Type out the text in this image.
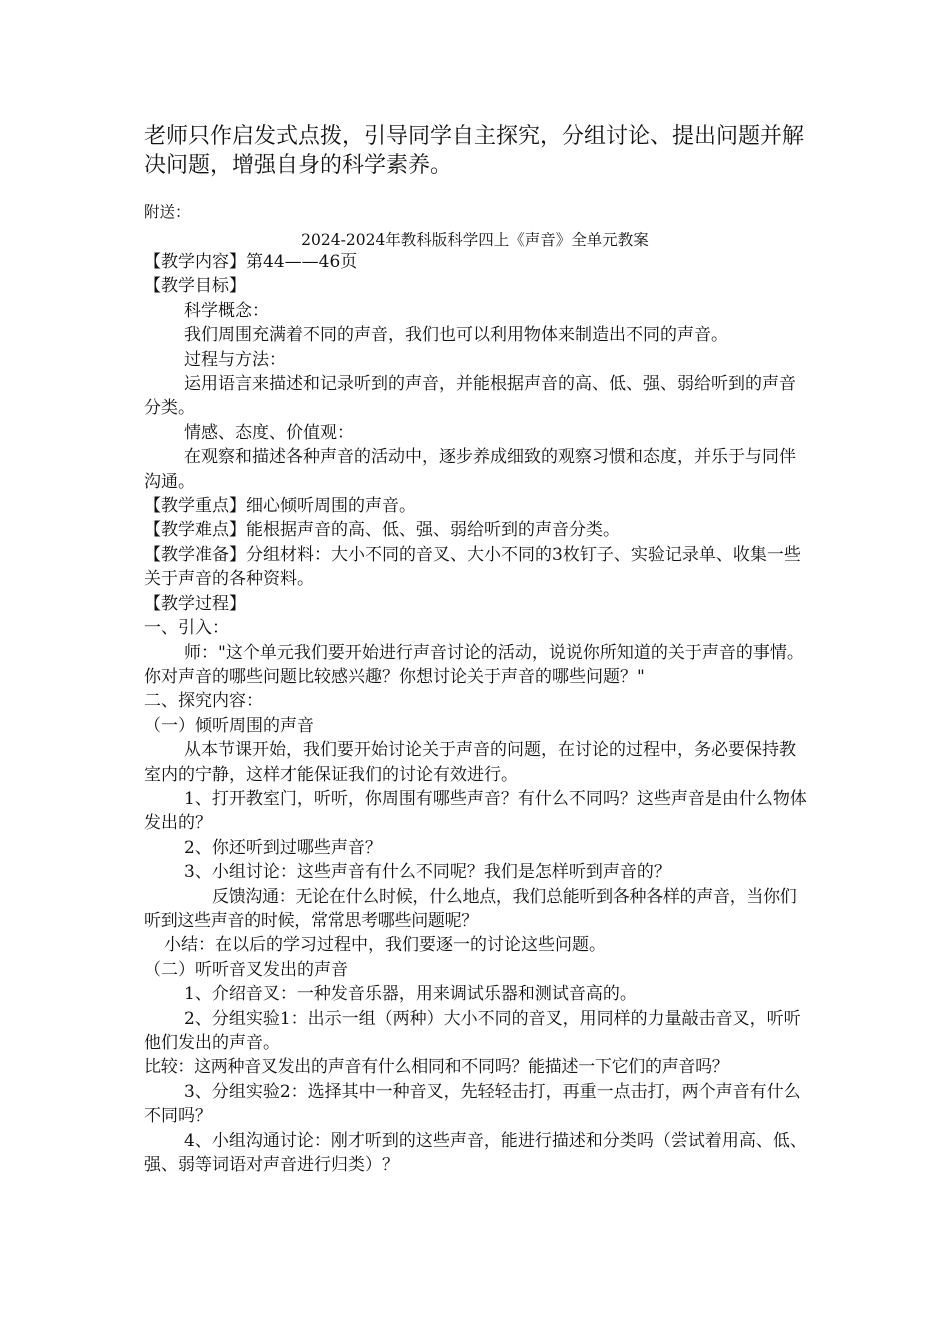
老师只作启发式点拨，引导同学自主探究，分组讨论、提出问题并解决问题，增强自身的科学素养。
附送：
2024-2024年教科版科学四上《声音》全单元教案

【教学内容】第44——46页

【教学目标】

科学概念：

我们周围充满着不同的声音，我们也可以利用物体来制造出不同的声音。

过程与方法：

运用语言来描述和记录听到的声音，并能根据声音的高、低、强、弱给听到的声音分类。

情感、态度、价值观：

在观察和描述各种声音的活动中，逐步养成细致的观察习惯和态度，并乐于与同伴沟通。

【教学重点】细心倾听周围的声音。

【教学难点】能根据声音的高、低、强、弱给听到的声音分类。

【教学准备】分组材料：大小不同的音叉、大小不同的3枚钉子、实验记录单、收集一些关于声音的各种资料。

【教学过程】

一、引入：

师："这个单元我们要开始进行声音讨论的活动，说说你所知道的关于声音的事情。你对声音的哪些问题比较感兴趣？你想讨论关于声音的哪些问题？"

二、探究内容：

（一）倾听周围的声音

从本节课开始，我们要开始讨论关于声音的问题，在讨论的过程中，务必要保持教室内的宁静，这样才能保证我们的讨论有效进行。

1、打开教室门，听听，你周围有哪些声音？有什么不同吗？这些声音是由什么物体发出的？

2、你还听到过哪些声音？

3、小组讨论：这些声音有什么不同呢？我们是怎样听到声音的？

反馈沟通：无论在什么时候，什么地点，我们总能听到各种各样的声音，当你们听到这些声音的时候，常常思考哪些问题呢？

小结：在以后的学习过程中，我们要逐一的讨论这些问题。

（二）听听音叉发出的声音

1、介绍音叉：一种发音乐器，用来调试乐器和测试音高的。

2、分组实验1：出示一组（两种）大小不同的音叉，用同样的力量敲击音叉，听听他们发出的声音。

比较：这两种音叉发出的声音有什么相同和不同吗？能描述一下它们的声音吗？

3、分组实验2：选择其中一种音叉，先轻轻击打，再重一点击打，两个声音有什么不同吗？

4、小组沟通讨论：刚才听到的这些声音，能进行描述和分类吗（尝试着用高、低、强、弱等词语对声音进行归类）？
